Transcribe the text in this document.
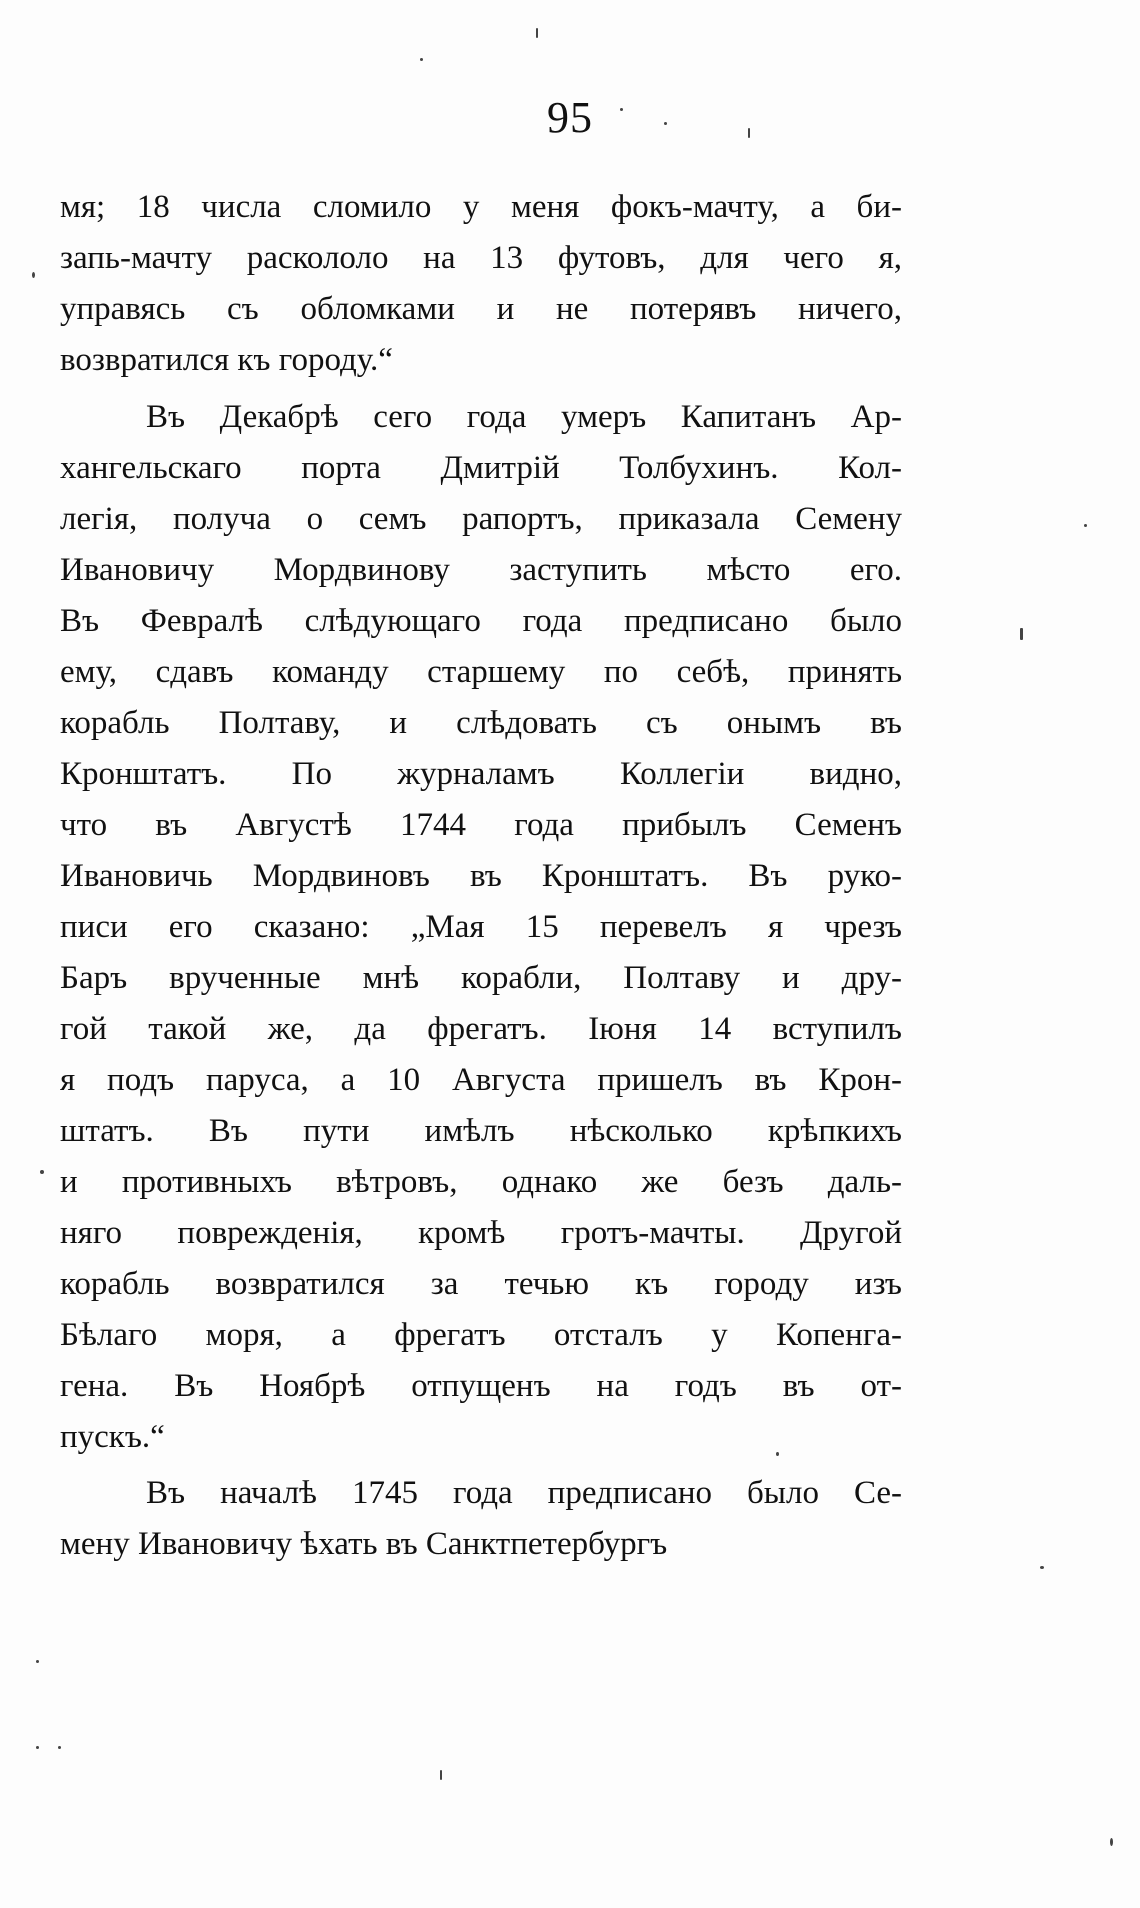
95
мя; 18 числа сломило у меня фокъ-мачту, а би-
запь-мачту раскололо на 13 футовъ, для чего я,
управясь съ обломками и не потерявъ ничего,
возвратился къ городу.“
Въ Декабрѣ сего года умеръ Капитанъ Ар-
хангельскаго порта Дмитрій Толбухинъ. Кол-
легія, получа о семъ рапортъ, приказала Семену
Ивановичу Мордвинову заступить мѣсто его.
Въ Февралѣ слѣдующаго года предписано было
ему, сдавъ команду старшему по себѣ, принять
корабль Полтаву, и слѣдовать съ онымъ въ
Кронштатъ. По журналамъ Коллегіи видно,
что въ Августѣ 1744 года прибылъ Семенъ
Ивановичь Мордвиновъ въ Кронштатъ. Въ руко-
писи его сказано: „Мая 15 перевелъ я чрезъ
Баръ врученные мнѣ корабли, Полтаву и дру-
гой такой же, да фрегатъ. Іюня 14 вступилъ
я подъ паруса, а 10 Августа пришелъ въ Крон-
штатъ. Въ пути имѣлъ нѣсколько крѣпкихъ
и противныхъ вѣтровъ, однако же безъ даль-
няго поврежденія, кромѣ гротъ-мачты. Другой
корабль возвратился за течью къ городу изъ
Бѣлаго моря, а фрегатъ отсталъ у Копенга-
гена. Въ Ноябрѣ отпущенъ на годъ въ от-
пускъ.“
Въ началѣ 1745 года предписано было Се-
мену Ивановичу ѣхать въ Санктпетербургъ
